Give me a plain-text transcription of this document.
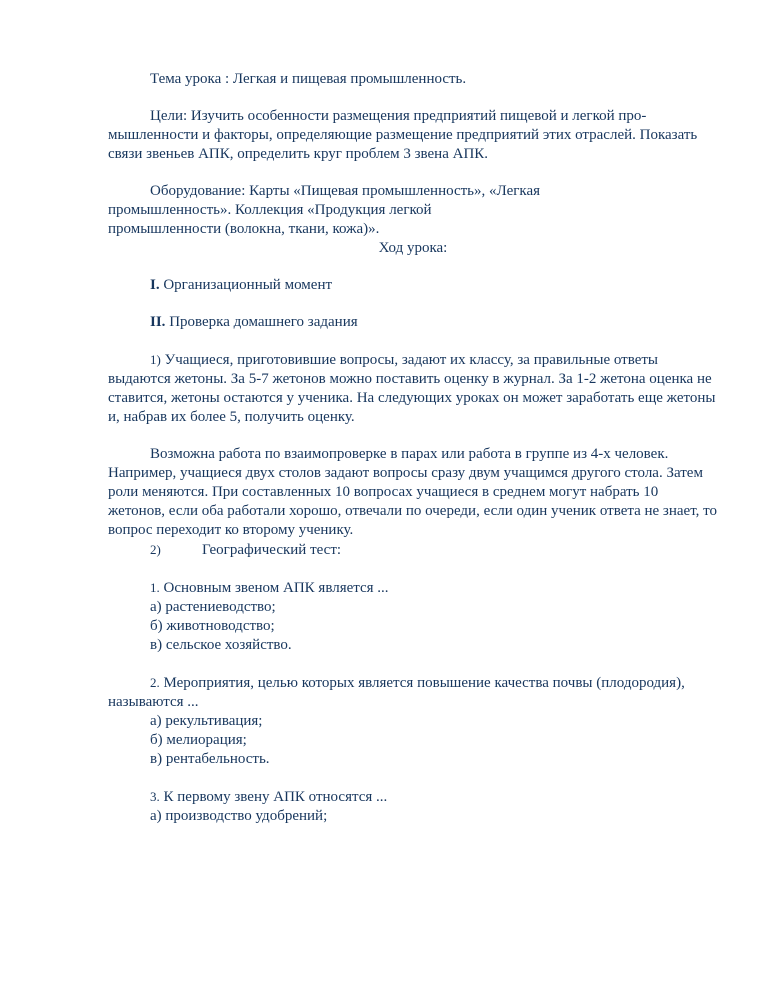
Тема урока : Легкая и пищевая промышленность.

Цели: Изучить особенности размещения предприятий пищевой и легкой про-мышленности и факторы, определяющие размещение предприятий этих отраслей. Показать связи звеньев АПК, определить круг проблем 3 звена АПК.

Оборудование: Карты «Пищевая промышленность», «Легкая промышленность». Коллекция «Продукция легкой промышленности (волокна, ткани, кожа)».

Ход урока:

I. Организационный момент

II. Проверка домашнего задания

1) Учащиеся, приготовившие вопросы, задают их классу, за правильные ответы выдаются жетоны. За 5-7 жетонов можно поставить оценку в журнал. За 1-2 жетона оценка не ставится, жетоны остаются у ученика. На следующих уроках он может заработать еще жетоны и, набрав их более 5, получить оценку.

Возможна работа по взаимопроверке в парах или работа в группе из 4-х человек. Например, учащиеся двух столов задают вопросы сразу двум учащимся другого стола. Затем роли меняются. При составленных 10 вопросах учащиеся в среднем могут набрать 10 жетонов, если оба работали хорошо, отвечали по очереди, если один ученик ответа не знает, то вопрос переходит ко второму ученику.

2)	Географический тест:

1. Основным звеном АПК является ...

а) растениеводство;

б) животноводство;

в) сельское хозяйство.

2. Мероприятия, целью которых является повышение качества почвы (плодородия), называются ...

а) рекультивация;

б) мелиорация;

в) рентабельность.

3. К первому звену АПК относятся ...

а) производство удобрений;
